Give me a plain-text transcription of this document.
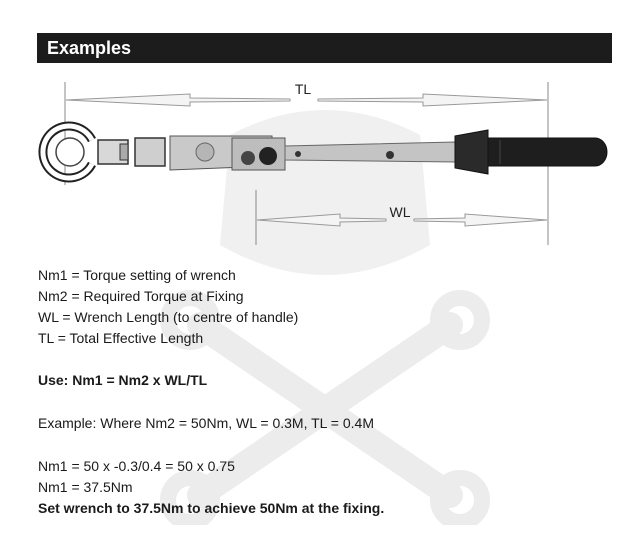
Examples
TL
WL
Nm1 = Torque setting of wrench
Nm2 = Required Torque at Fixing
WL = Wrench Length (to centre of handle)
TL = Total Effective Length
Use: Nm1 = Nm2 x WL/TL
Example: Where Nm2 = 50Nm, WL = 0.3M, TL = 0.4M
Nm1 = 50 x -0.3/0.4 = 50 x 0.75
Nm1 = 37.5Nm
Set wrench to 37.5Nm to achieve 50Nm at the fixing.
